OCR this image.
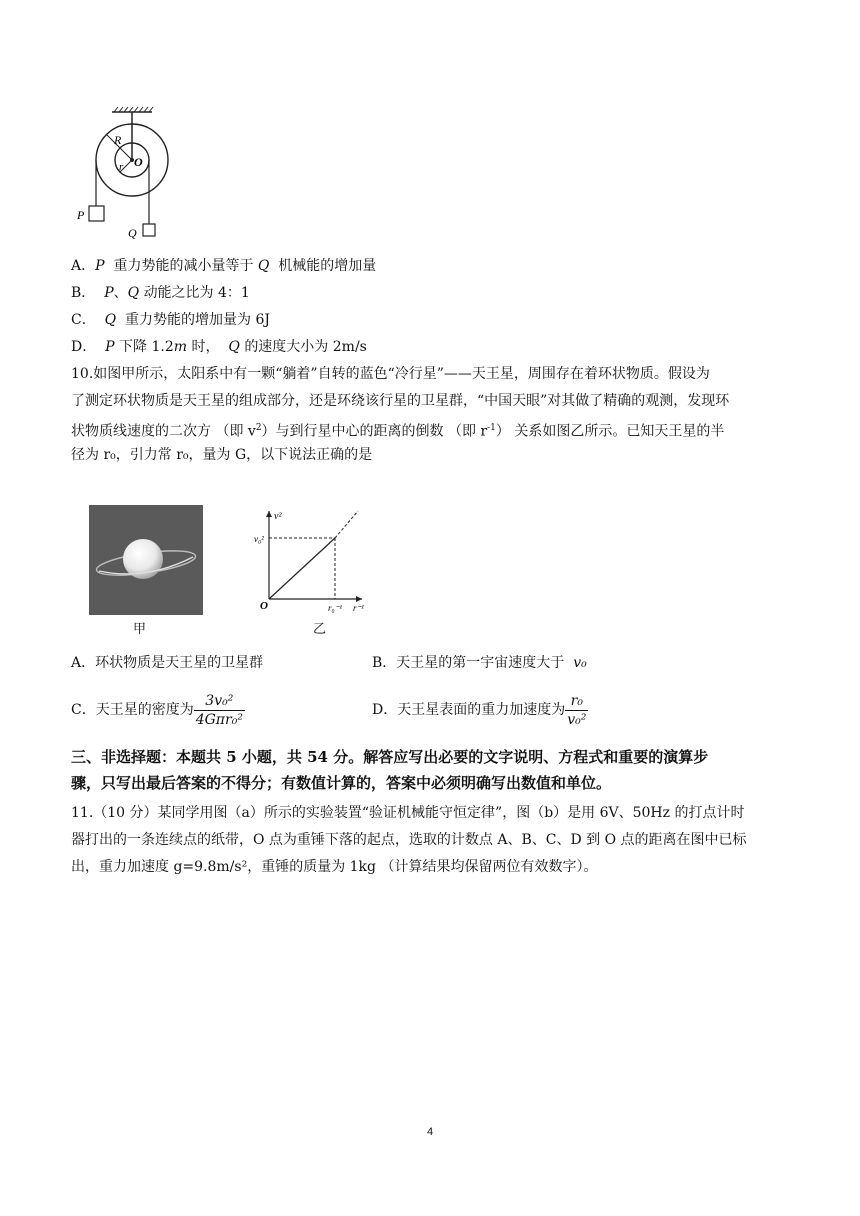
R
r O
P
Q
A．P 重力势能的减小量等于 Q 机械能的增加量
B． P、Q 动能之比为 4：1
C． Q 重力势能的增加量为 6J
D． P 下降 1.2m 时，  Q 的速度大小为 2m/s
10.如图甲所示，太阳系中有一颗“躺着”自转的蓝色“冷行星”——天王星，周围存在着环状物质。假设为
了测定环状物质是天王星的组成部分，还是环绕该行星的卫星群，“中国天眼”对其做了精确的观测，发现环
状物质线速度的二次方 （即 $v^2$）与到行星中心的距离的倒数 （即 $r^{-1}$） 关系如图乙所示。已知天王星的半
径为 r₀，引力常 r₀，量为 G，以下说法正确的是
甲
v²
v₀²
O	r₀⁻¹ r⁻¹
乙
A．环状物质是天王星的卫星群	B．天王星的第一宇宙速度大于 v₀
C．天王星的密度为 $\frac{\text{3v₀²}}{\text{4Gπr₀²}}$	D．天王星表面的重力加速度为 $\frac{\text{r₀}}{\text{v₀²}}$
三、非选择题：本题共 5 小题，共 54 分。解答应写出必要的文字说明、方程式和重要的演算步
骤，只写出最后答案的不得分；有数值计算的，答案中必须明确写出数值和单位。
11.（10 分）某同学用图（a）所示的实验装置“验证机械能守恒定律”，图（b）是用 6V、50Hz 的打点计时
器打出的一条连续点的纸带，O 点为重锤下落的起点，选取的计数点 A、B、C、D 到 O 点的距离在图中已标
出，重力加速度 g=9.8m/s²，重锤的质量为 1kg （计算结果均保留两位有效数字）。
4
